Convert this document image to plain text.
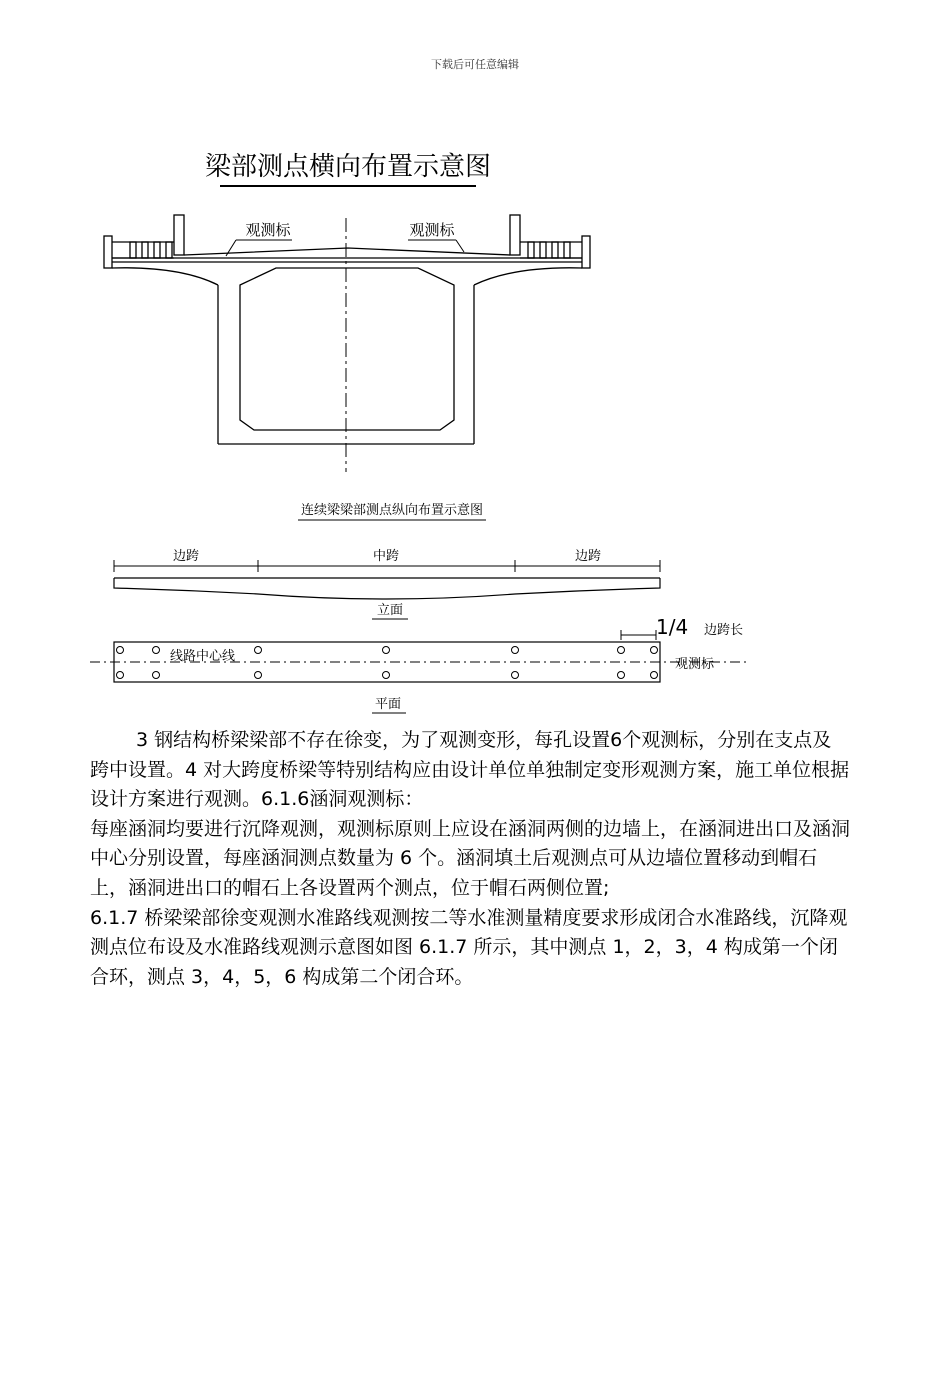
下载后可任意编辑
梁部测点横向布置示意图
观测标	观测标
连续梁梁部测点纵向布置示意图
边跨	中跨	边跨
立面
线路中心线
观测标
1/4 边跨长
平面

3 钢结构桥梁梁部不存在徐变，为了观测变形，每孔设置6个观测标，分别在支点及跨中设置。4 对大跨度桥梁等特别结构应由设计单位单独制定变形观测方案，施工单位根据设计方案进行观测。6.1.6涵洞观测标：

每座涵洞均要进行沉降观测，观测标原则上应设在涵洞两侧的边墙上，在涵洞进出口及涵洞中心分别设置，每座涵洞测点数量为 6 个。涵洞填土后观测点可从边墙位置移动到帽石上，涵洞进出口的帽石上各设置两个测点，位于帽石两侧位置;

6.1.7 桥梁梁部徐变观测水准路线观测按二等水准测量精度要求形成闭合水准路线，沉降观测点位布设及水准路线观测示意图如图 6.1.7 所示，其中测点 1，2，3，4 构成第一个闭合环，测点 3，4，5，6 构成第二个闭合环。
